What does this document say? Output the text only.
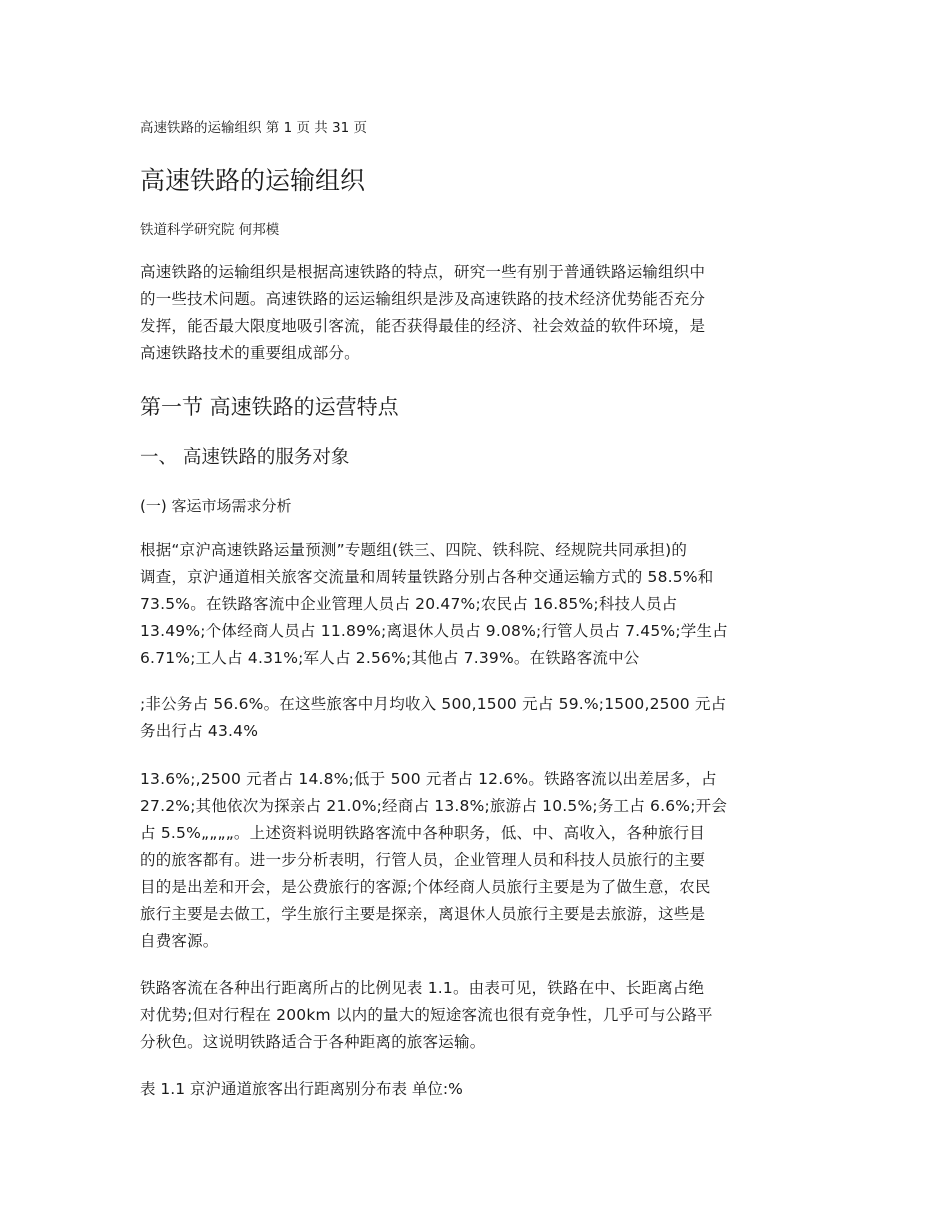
高速铁路的运输组织 第 1 页 共 31 页
高速铁路的运输组织
铁道科学研究院 何邦模
高速铁路的运输组织是根据高速铁路的特点，研究一些有别于普通铁路运输组织中
的一些技术问题。高速铁路的运运输组织是涉及高速铁路的技术经济优势能否充分
发挥，能否最大限度地吸引客流，能否获得最佳的经济、社会效益的软件环境，是
高速铁路技术的重要组成部分。
第一节 高速铁路的运营特点
一、 高速铁路的服务对象
(一) 客运市场需求分析
根据“京沪高速铁路运量预测”专题组(铁三、四院、铁科院、经规院共同承担)的
调查，京沪通道相关旅客交流量和周转量铁路分别占各种交通运输方式的 58.5%和
73.5%。在铁路客流中企业管理人员占 20.47%;农民占 16.85%;科技人员占
13.49%;个体经商人员占 11.89%;离退休人员占 9.08%;行管人员占 7.45%;学生占
6.71%;工人占 4.31%;军人占 2.56%;其他占 7.39%。在铁路客流中公
;非公务占 56.6%。在这些旅客中月均收入 500,1500 元占 59.%;1500,2500 元占
务出行占 43.4%
13.6%;,2500 元者占 14.8%;低于 500 元者占 12.6%。铁路客流以出差居多，占
27.2%;其他依次为探亲占 21.0%;经商占 13.8%;旅游占 10.5%;务工占 6.6%;开会
占 5.5%„„„„。上述资料说明铁路客流中各种职务，低、中、高收入，各种旅行目
的的旅客都有。进一步分析表明，行管人员，企业管理人员和科技人员旅行的主要
目的是出差和开会，是公费旅行的客源;个体经商人员旅行主要是为了做生意，农民
旅行主要是去做工，学生旅行主要是探亲，离退休人员旅行主要是去旅游，这些是
自费客源。
铁路客流在各种出行距离所占的比例见表 1.1。由表可见，铁路在中、长距离占绝
对优势;但对行程在 200km 以内的量大的短途客流也很有竞争性，几乎可与公路平
分秋色。这说明铁路适合于各种距离的旅客运输。
表 1.1 京沪通道旅客出行距离别分布表 单位:%
